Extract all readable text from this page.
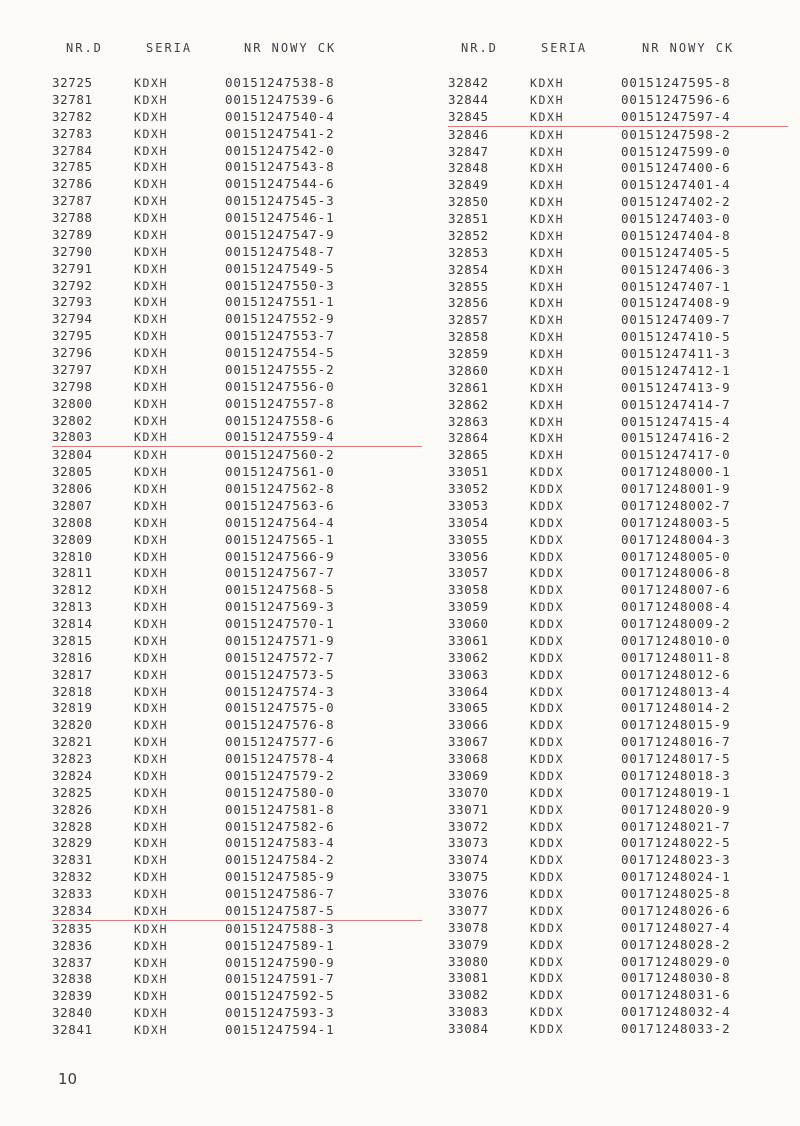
NR.D	SERIA	NR NOWY CK	NR.D	SERIA	NR NOWY CK
32725	KDXH	00151247538-8
32781	KDXH	00151247539-6
32782	KDXH	00151247540-4
32783	KDXH	00151247541-2
32784	KDXH	00151247542-0
32785	KDXH	00151247543-8
32786	KDXH	00151247544-6
32787	KDXH	00151247545-3
32788	KDXH	00151247546-1
32789	KDXH	00151247547-9
32790	KDXH	00151247548-7
32791	KDXH	00151247549-5
32792	KDXH	00151247550-3
32793	KDXH	00151247551-1
32794	KDXH	00151247552-9
32795	KDXH	00151247553-7
32796	KDXH	00151247554-5
32797	KDXH	00151247555-2
32798	KDXH	00151247556-0
32800	KDXH	00151247557-8
32802	KDXH	00151247558-6
32803	KDXH	00151247559-4
32804	KDXH	00151247560-2
32805	KDXH	00151247561-0
32806	KDXH	00151247562-8
32807	KDXH	00151247563-6
32808	KDXH	00151247564-4
32809	KDXH	00151247565-1
32810	KDXH	00151247566-9
32811	KDXH	00151247567-7
32812	KDXH	00151247568-5
32813	KDXH	00151247569-3
32814	KDXH	00151247570-1
32815	KDXH	00151247571-9
32816	KDXH	00151247572-7
32817	KDXH	00151247573-5
32818	KDXH	00151247574-3
32819	KDXH	00151247575-0
32820	KDXH	00151247576-8
32821	KDXH	00151247577-6
32823	KDXH	00151247578-4
32824	KDXH	00151247579-2
32825	KDXH	00151247580-0
32826	KDXH	00151247581-8
32828	KDXH	00151247582-6
32829	KDXH	00151247583-4
32831	KDXH	00151247584-2
32832	KDXH	00151247585-9
32833	KDXH	00151247586-7
32834	KDXH	00151247587-5
32835	KDXH	00151247588-3
32836	KDXH	00151247589-1
32837	KDXH	00151247590-9
32838	KDXH	00151247591-7
32839	KDXH	00151247592-5
32840	KDXH	00151247593-3
32841	KDXH	00151247594-1
32842	KDXH	00151247595-8
32844	KDXH	00151247596-6
32845	KDXH	00151247597-4
32846	KDXH	00151247598-2
32847	KDXH	00151247599-0
32848	KDXH	00151247400-6
32849	KDXH	00151247401-4
32850	KDXH	00151247402-2
32851	KDXH	00151247403-0
32852	KDXH	00151247404-8
32853	KDXH	00151247405-5
32854	KDXH	00151247406-3
32855	KDXH	00151247407-1
32856	KDXH	00151247408-9
32857	KDXH	00151247409-7
32858	KDXH	00151247410-5
32859	KDXH	00151247411-3
32860	KDXH	00151247412-1
32861	KDXH	00151247413-9
32862	KDXH	00151247414-7
32863	KDXH	00151247415-4
32864	KDXH	00151247416-2
32865	KDXH	00151247417-0
33051	KDDX	00171248000-1
33052	KDDX	00171248001-9
33053	KDDX	00171248002-7
33054	KDDX	00171248003-5
33055	KDDX	00171248004-3
33056	KDDX	00171248005-0
33057	KDDX	00171248006-8
33058	KDDX	00171248007-6
33059	KDDX	00171248008-4
33060	KDDX	00171248009-2
33061	KDDX	00171248010-0
33062	KDDX	00171248011-8
33063	KDDX	00171248012-6
33064	KDDX	00171248013-4
33065	KDDX	00171248014-2
33066	KDDX	00171248015-9
33067	KDDX	00171248016-7
33068	KDDX	00171248017-5
33069	KDDX	00171248018-3
33070	KDDX	00171248019-1
33071	KDDX	00171248020-9
33072	KDDX	00171248021-7
33073	KDDX	00171248022-5
33074	KDDX	00171248023-3
33075	KDDX	00171248024-1
33076	KDDX	00171248025-8
33077	KDDX	00171248026-6
33078	KDDX	00171248027-4
33079	KDDX	00171248028-2
33080	KDDX	00171248029-0
33081	KDDX	00171248030-8
33082	KDDX	00171248031-6
33083	KDDX	00171248032-4
33084	KDDX	00171248033-2
10
